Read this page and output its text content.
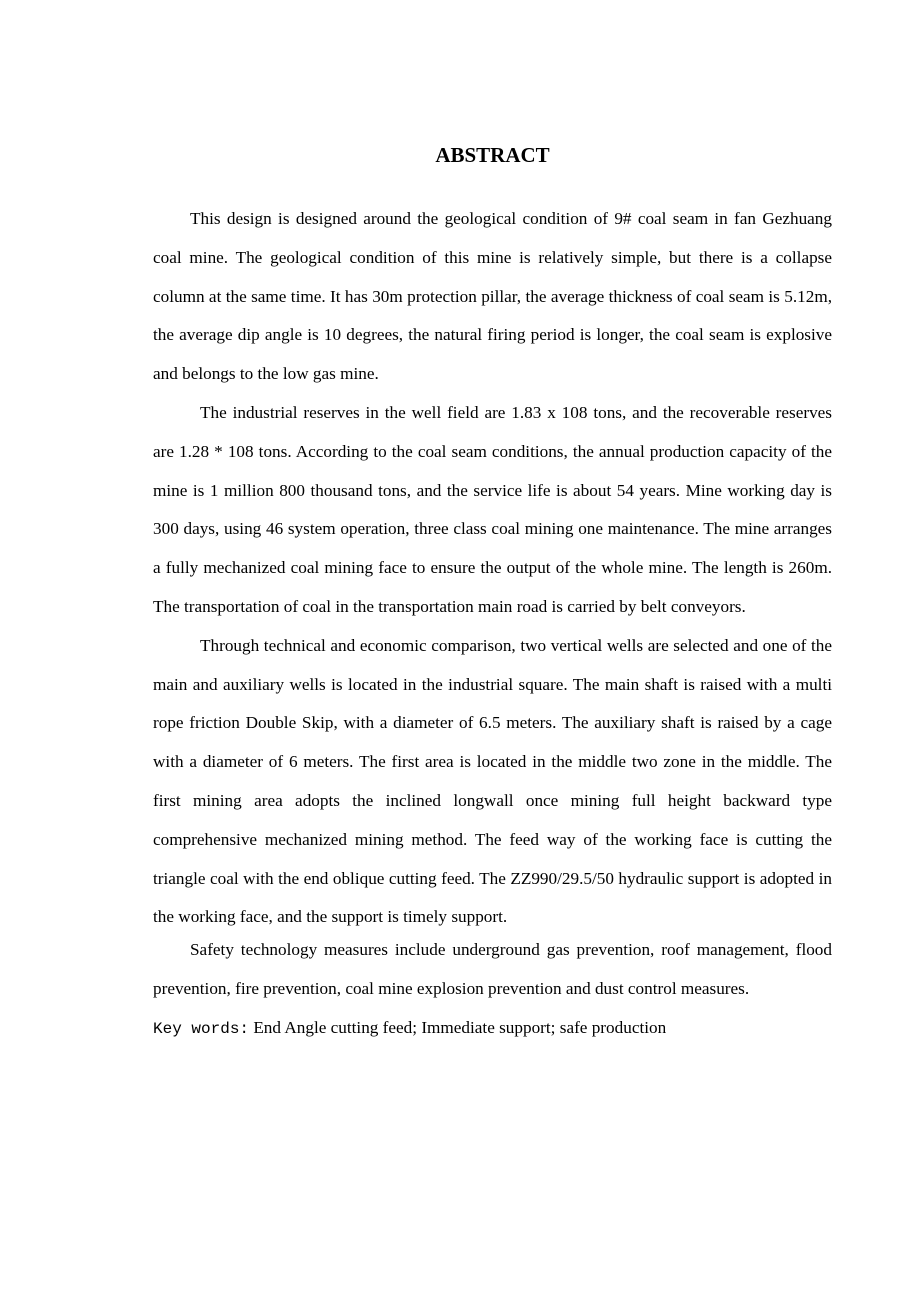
ABSTRACT

This design is designed around the geological condition of 9# coal seam in fan Gezhuang coal mine. The geological condition of this mine is relatively simple, but there is a collapse column at the same time. It has 30m protection pillar, the average thickness of coal seam is 5.12m, the average dip angle is 10 degrees, the natural firing period is longer, the coal seam is explosive and belongs to the low gas mine.

The industrial reserves in the well field are 1.83 x 108 tons, and the recoverable reserves are 1.28 * 108 tons. According to the coal seam conditions, the annual production capacity of the mine is 1 million 800 thousand tons, and the service life is about 54 years. Mine working day is 300 days, using 46 system operation, three class coal mining one maintenance. The mine arranges a fully mechanized coal mining face to ensure the output of the whole mine. The length is 260m. The transportation of coal in the transportation main road is carried by belt conveyors.

Through technical and economic comparison, two vertical wells are selected and one of the main and auxiliary wells is located in the industrial square. The main shaft is raised with a multi rope friction Double Skip, with a diameter of 6.5 meters. The auxiliary shaft is raised by a cage with a diameter of 6 meters. The first area is located in the middle two zone in the middle. The first mining area adopts the inclined longwall once mining full height backward type comprehensive mechanized mining method. The feed way of the working face is cutting the triangle coal with the end oblique cutting feed. The ZZ990/29.5/50 hydraulic support is adopted in the working face, and the support is timely support.

Safety technology measures include underground gas prevention, roof management, flood prevention, fire prevention, coal mine explosion prevention and dust control measures.

Key words: End Angle cutting feed; Immediate support; safe production
